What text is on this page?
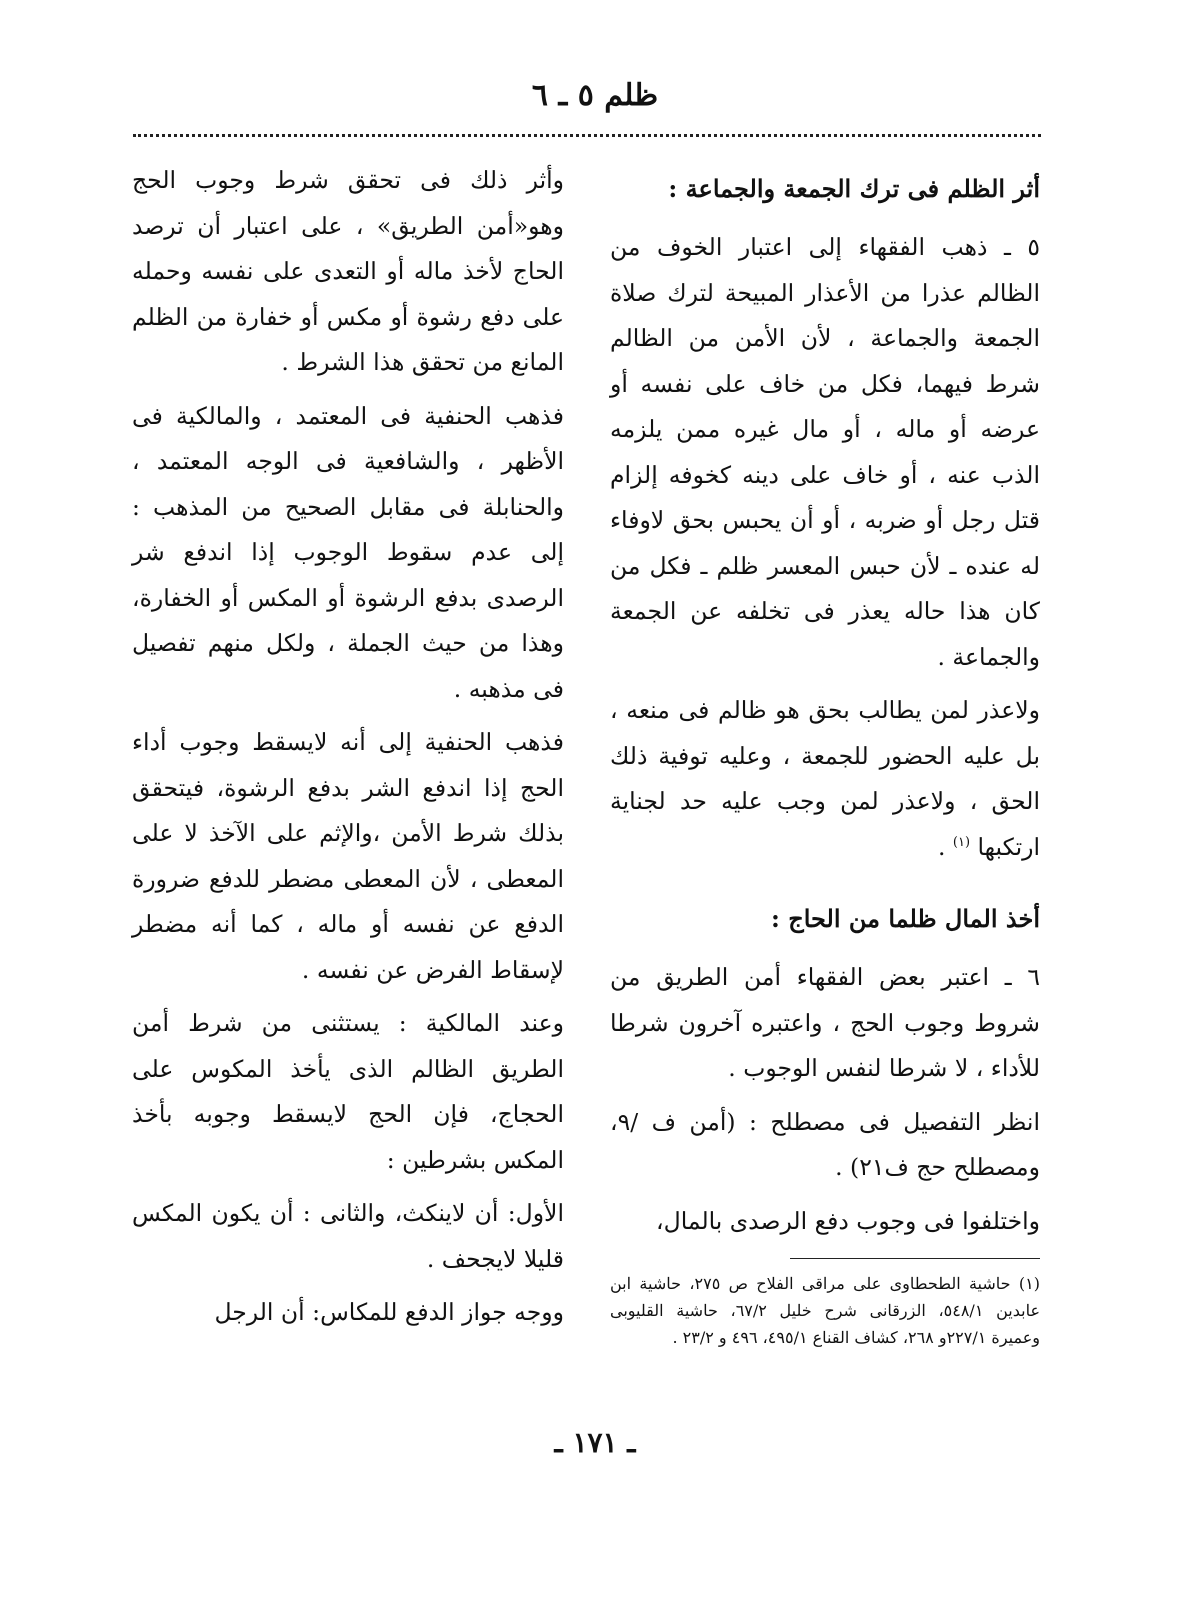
ظلم ٥ ـ ٦
أثر الظلم فى ترك الجمعة والجماعة :

٥ ـ ذهب الفقهاء إلى اعتبار الخوف من الظالم عذرا من الأعذار المبيحة لترك صلاة الجمعة والجماعة ، لأن الأمن من الظالم شرط فيهما، فكل من خاف على نفسه أو عرضه أو ماله ، أو مال غيره ممن يلزمه الذب عنه ، أو خاف على دينه كخوفه إلزام قتل رجل أو ضربه ، أو أن يحبس بحق لاوفاء له عنده ـ لأن حبس المعسر ظلم ـ فكل من كان هذا حاله يعذر فى تخلفه عن الجمعة والجماعة .

ولاعذر لمن يطالب بحق هو ظالم فى منعه ، بل عليه الحضور للجمعة ، وعليه توفية ذلك الحق ، ولاعذر لمن وجب عليه حد لجناية ارتكبها $^{(١)}$ .

أخذ المال ظلما من الحاج :

٦ ـ اعتبر بعض الفقهاء أمن الطريق من شروط وجوب الحج ، واعتبره آخرون شرطا للأداء ، لا شرطا لنفس الوجوب .

انظر التفصيل فى مصطلح : (أمن ف /٩، ومصطلح حج ف٢١) .

واختلفوا فى وجوب دفع الرصدى بالمال،

وأثر ذلك فى تحقق شرط وجوب الحج وهو«أمن الطريق» ، على اعتبار أن ترصد الحاج لأخذ ماله أو التعدى على نفسه وحمله على دفع رشوة أو مكس أو خفارة من الظلم المانع من تحقق هذا الشرط .

فذهب الحنفية فى المعتمد ، والمالكية فى الأظهر ، والشافعية فى الوجه المعتمد ، والحنابلة فى مقابل الصحيح من المذهب : إلى عدم سقوط الوجوب إذا اندفع شر الرصدى بدفع الرشوة أو المكس أو الخفارة، وهذا من حيث الجملة ، ولكل منهم تفصيل فى مذهبه .

فذهب الحنفية إلى أنه لايسقط وجوب أداء الحج إذا اندفع الشر بدفع الرشوة، فيتحقق بذلك شرط الأمن ،والإثم على الآخذ لا على المعطى ، لأن المعطى مضطر للدفع ضرورة الدفع عن نفسه أو ماله ، كما أنه مضطر لإسقاط الفرض عن نفسه .

وعند المالكية : يستثنى من شرط أمن الطريق الظالم الذى يأخذ المكوس على الحجاج، فإن الحج لايسقط وجوبه بأخذ المكس بشرطين :

الأول: أن لاينكث، والثانى : أن يكون المكس قليلا لايجحف .

ووجه جواز الدفع للمكاس: أن الرجل

(١) حاشية الطحطاوى على مراقى الفلاح ص ٢٧٥، حاشية ابن عابدين ٥٤٨/١، الزرقانى شرح خليل ٦٧/٢، حاشية القليوبى وعميرة ٢٢٧/١و ٢٦٨، كشاف القناع ٤٩٥/١، ٤٩٦ و ٢٣/٢ .
ـ ١٧١ ـ
